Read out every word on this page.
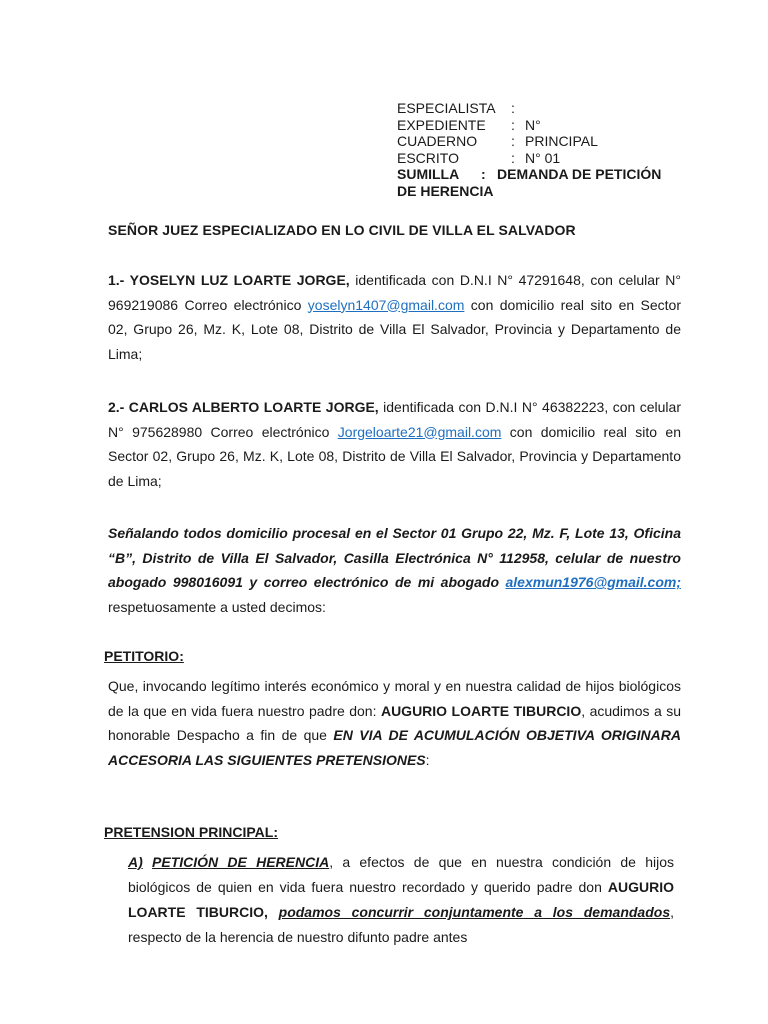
ESPECIALISTA	:
EXPEDIENTE	: N°
CUADERNO	: PRINCIPAL
ESCRITO	: N° 01
SUMILLA	: DEMANDA DE PETICIÓN
DE HERENCIA
SEÑOR JUEZ ESPECIALIZADO EN LO CIVIL DE VILLA EL SALVADOR
1.- YOSELYN LUZ LOARTE JORGE, identificada con D.N.I N° 47291648, con celular N° 969219086 Correo electrónico yoselyn1407@gmail.com con domicilio real sito en Sector 02, Grupo 26, Mz. K, Lote 08, Distrito de Villa El Salvador, Provincia y Departamento de Lima;
2.- CARLOS ALBERTO LOARTE JORGE, identificada con D.N.I N° 46382223, con celular N° 975628980 Correo electrónico Jorgeloarte21@gmail.com con domicilio real sito en Sector 02, Grupo 26, Mz. K, Lote 08, Distrito de Villa El Salvador, Provincia y Departamento de Lima;
Señalando todos domicilio procesal en el Sector 01 Grupo 22, Mz. F, Lote 13, Oficina “B”, Distrito de Villa El Salvador, Casilla Electrónica N° 112958, celular de nuestro abogado 998016091 y correo electrónico de mi abogado alexmun1976@gmail.com; respetuosamente a usted decimos:
PETITORIO:
Que, invocando legítimo interés económico y moral y en nuestra calidad de hijos biológicos de la que en vida fuera nuestro padre don: AUGURIO LOARTE TIBURCIO, acudimos a su honorable Despacho a fin de que EN VIA DE ACUMULACIÓN OBJETIVA ORIGINARA ACCESORIA LAS SIGUIENTES PRETENSIONES:
PRETENSION PRINCIPAL:
A) PETICIÓN DE HERENCIA, a efectos de que en nuestra condición de hijos biológicos de quien en vida fuera nuestro recordado y querido padre don AUGURIO LOARTE TIBURCIO, podamos concurrir conjuntamente a los demandados, respecto de la herencia de nuestro difunto padre antes
